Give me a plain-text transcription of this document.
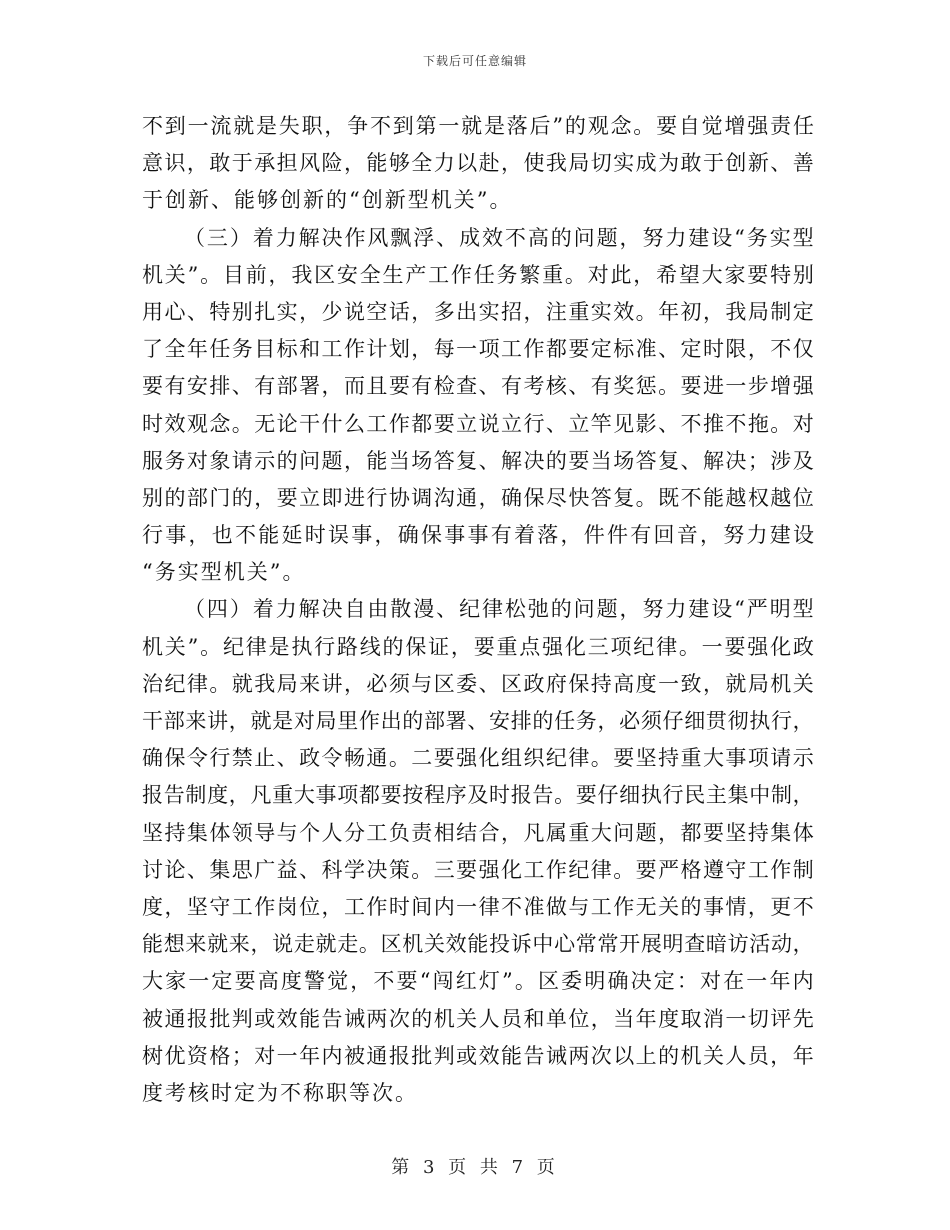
下载后可任意编辑
不 到 一 流 就 是 失 职 ， 争 不 到 第 一 就 是 落 后 ” 的 观 念 。 要 自 觉 增 强 责 任
意 识 ， 敢 于 承 担 风 险 ， 能 够 全 力 以 赴 ， 使 我 局 切 实 成 为 敢 于 创 新 、 善
于创新、能够创新的“创新型机关”。
（ 三 ） 着 力 解 决 作 风 飘 浮 、 成 效 不 高 的 问 题 ， 努 力 建 设 “ 务 实 型
机 关 ” 。 目 前 ， 我 区 安 全 生 产 工 作 任 务 繁 重 。 对 此 ， 希 望 大 家 要 特 别
用 心 、 特 别 扎 实 ， 少 说 空 话 ， 多 出 实 招 ， 注 重 实 效 。 年 初 ， 我 局 制 定
了 全 年 任 务 目 标 和 工 作 计 划 ， 每 一 项 工 作 都 要 定 标 准 、 定 时 限 ， 不 仅
要 有 安 排 、 有 部 署 ， 而 且 要 有 检 查 、 有 考 核 、 有 奖 惩 。 要 进 一 步 增 强
时 效 观 念 。 无 论 干 什 么 工 作 都 要 立 说 立 行 、 立 竿 见 影 、 不 推 不 拖 。 对
服 务 对 象 请 示 的 问 题 ， 能 当 场 答 复 、 解 决 的 要 当 场 答 复 、 解 决 ； 涉 及
别 的 部 门 的 ， 要 立 即 进 行 协 调 沟 通 ， 确 保 尽 快 答 复 。 既 不 能 越 权 越 位
行 事 ， 也 不 能 延 时 误 事 ， 确 保 事 事 有 着 落 ， 件 件 有 回 音 ， 努 力 建 设
“务实型机关”。
（ 四 ） 着 力 解 决 自 由 散 漫 、 纪 律 松 弛 的 问 题 ， 努 力 建 设 “ 严 明 型
机 关 ” 。 纪 律 是 执 行 路 线 的 保 证 ， 要 重 点 强 化 三 项 纪 律 。 一 要 强 化 政
治 纪 律 。 就 我 局 来 讲 ， 必 须 与 区 委 、 区 政 府 保 持 高 度 一 致 ， 就 局 机 关
干 部 来 讲 ， 就 是 对 局 里 作 出 的 部 署 、 安 排 的 任 务 ， 必 须 仔 细 贯 彻 执 行 ，
确 保 令 行 禁 止 、 政 令 畅 通 。 二 要 强 化 组 织 纪 律 。 要 坚 持 重 大 事 项 请 示
报 告 制 度 ， 凡 重 大 事 项 都 要 按 程 序 及 时 报 告 。 要 仔 细 执 行 民 主 集 中 制 ，
坚 持 集 体 领 导 与 个 人 分 工 负 责 相 结 合 ， 凡 属 重 大 问 题 ， 都 要 坚 持 集 体
讨 论 、 集 思 广 益 、 科 学 决 策 。 三 要 强 化 工 作 纪 律 。 要 严 格 遵 守 工 作 制
度 ， 坚 守 工 作 岗 位 ， 工 作 时 间 内 一 律 不 准 做 与 工 作 无 关 的 事 情 ， 更 不
能 想 来 就 来 ， 说 走 就 走 。 区 机 关 效 能 投 诉 中 心 常 常 开 展 明 查 暗 访 活 动 ，
大 家 一 定 要 高 度 警 觉 ， 不 要 “ 闯 红 灯 ” 。 区 委 明 确 决 定 ： 对 在 一 年 内
被 通 报 批 判 或 效 能 告 诫 两 次 的 机 关 人 员 和 单 位 ， 当 年 度 取 消 一 切 评 先
树 优 资 格 ； 对 一 年 内 被 通 报 批 判 或 效 能 告 诫 两 次 以 上 的 机 关 人 员 ， 年
度考核时定为不称职等次。
第 3 页 共 7 页
